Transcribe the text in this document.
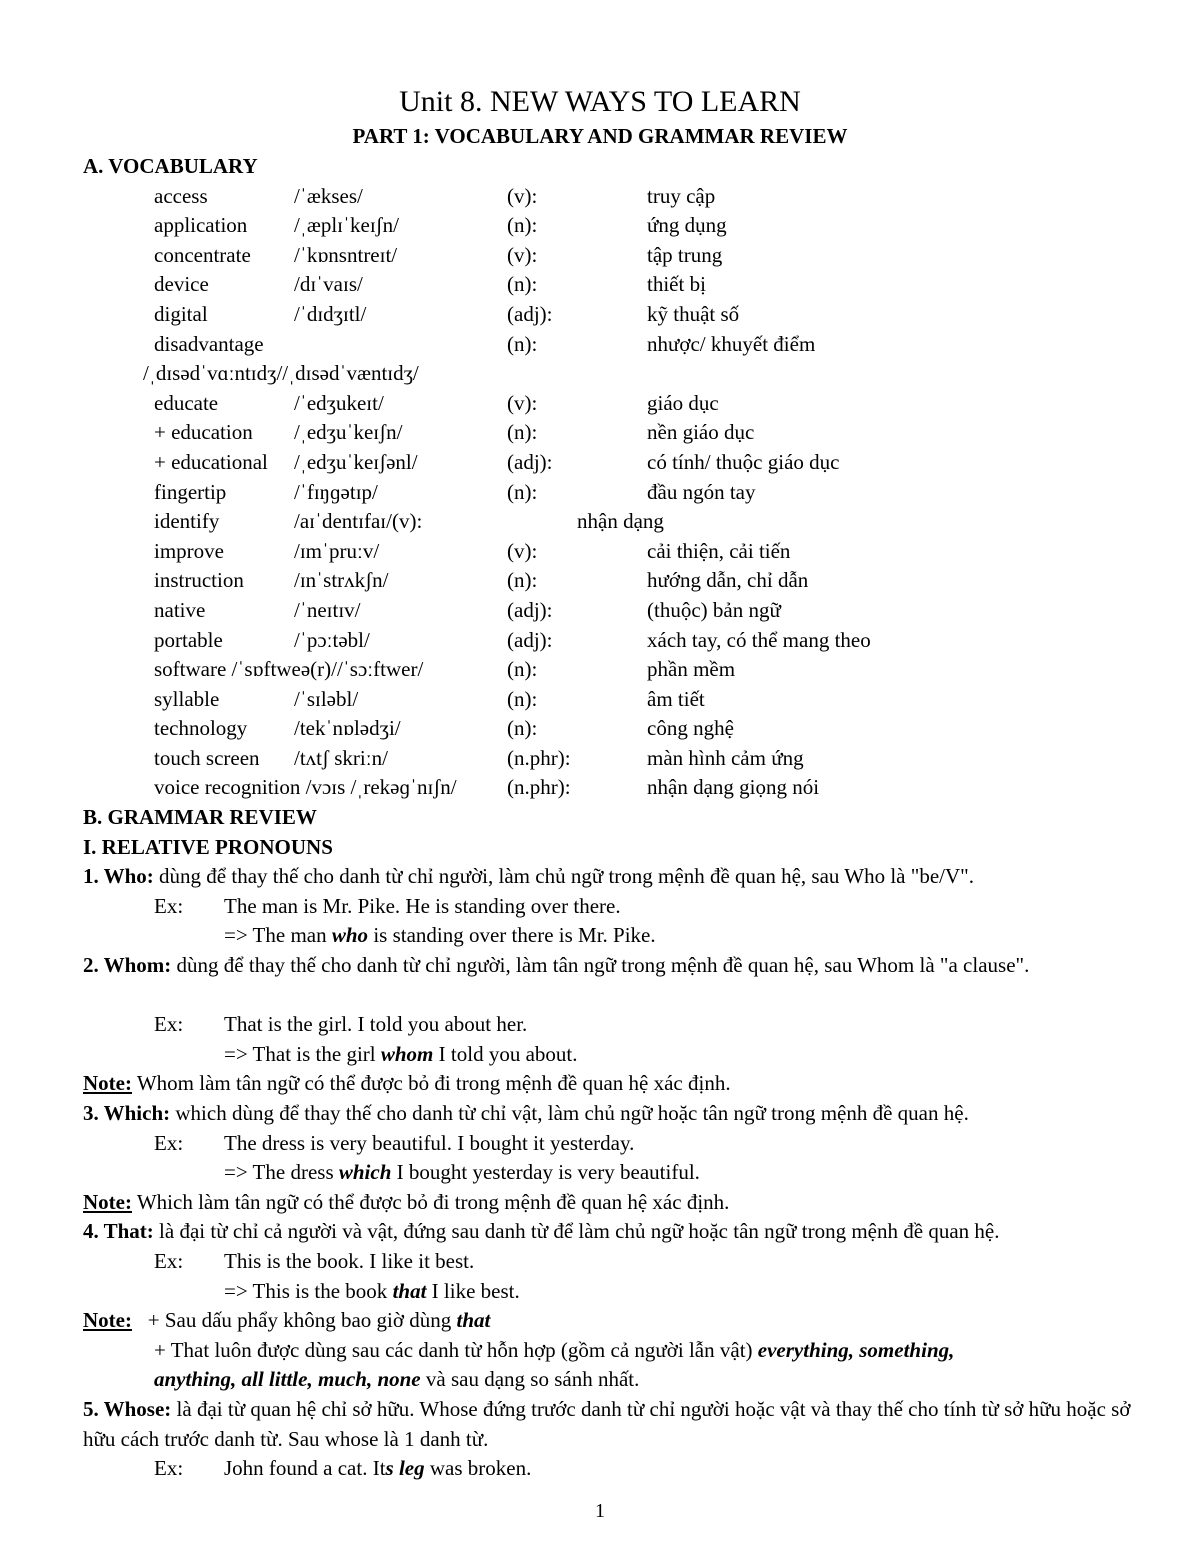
Unit 8. NEW WAYS TO LEARN
PART 1: VOCABULARY AND GRAMMAR REVIEW
A. VOCABULARY
access	/ˈækses/	(v):	truy cập
application /ˌæplɪˈkeɪʃn/	(n):	ứng dụng
concentrate /ˈkɒnsntreɪt/	(v):	tập trung
device	/dɪˈvaɪs/	(n):	thiết bị
digital	/ˈdɪdʒɪtl/	(adj):	kỹ thuật số
disadvantage	(n):	nhược/ khuyết điểm
/ˌdɪsədˈvɑːntɪdʒ//ˌdɪsədˈvæntɪdʒ/
educate	/ˈedʒukeɪt/	(v):	giáo dục
+ education /ˌedʒuˈkeɪʃn/	(n):	nền giáo dục
+ educational /ˌedʒuˈkeɪʃənl/	(adj):	có tính/ thuộc giáo dục
fingertip	/ˈfɪŋɡətɪp/	(n):	đầu ngón tay
identify	/aɪˈdentɪfaɪ/(v):	nhận dạng
improve	/ɪmˈpruːv/	(v):	cải thiện, cải tiến
instruction /ɪnˈstrʌkʃn/	(n):	hướng dẫn, chỉ dẫn
native	/ˈneɪtɪv/	(adj):	(thuộc) bản ngữ
portable	/ˈpɔːtəbl/	(adj):	xách tay, có thể mang theo
software /ˈsɒftweə(r)//ˈsɔːftwer/	(n):	phần mềm
syllable	/ˈsɪləbl/	(n):	âm tiết
technology /tekˈnɒlədʒi/	(n):	công nghệ
touch screen /tʌtʃ skriːn/	(n.phr):	màn hình cảm ứng
voice recognition /vɔɪs /ˌrekəɡˈnɪʃn/ (n.phr):	nhận dạng giọng nói
B. GRAMMAR REVIEW
I. RELATIVE PRONOUNS
1. Who: dùng để thay thế cho danh từ chỉ người, làm chủ ngữ trong mệnh đề quan hệ, sau Who là "be/V".
Ex: The man is Mr. Pike. He is standing over there.
=> The man who is standing over there is Mr. Pike.
2. Whom: dùng để thay thế cho danh từ chỉ người, làm tân ngữ trong mệnh đề quan hệ, sau Whom là "a clause".
Ex: That is the girl. I told you about her.
=> That is the girl whom I told you about.
Note: Whom làm tân ngữ có thể được bỏ đi trong mệnh đề quan hệ xác định.
3. Which: which dùng để thay thế cho danh từ chỉ vật, làm chủ ngữ hoặc tân ngữ trong mệnh đề quan hệ.
Ex: The dress is very beautiful. I bought it yesterday.
=> The dress which I bought yesterday is very beautiful.
Note: Which làm tân ngữ có thể được bỏ đi trong mệnh đề quan hệ xác định.
4. That: là đại từ chỉ cả người và vật, đứng sau danh từ để làm chủ ngữ hoặc tân ngữ trong mệnh đề quan hệ.
Ex: This is the book. I like it best.
=> This is the book that I like best.
Note:   + Sau dấu phẩy không bao giờ dùng that
+ That luôn được dùng sau các danh từ hỗn hợp (gồm cả người lẫn vật) everything, something,
anything, all little, much, none và sau dạng so sánh nhất.
5. Whose: là đại từ quan hệ chỉ sở hữu. Whose đứng trước danh từ chỉ người hoặc vật và thay thế cho tính từ sở hữu hoặc sở hữu cách trước danh từ. Sau whose là 1 danh từ.
Ex: John found a cat. Its leg was broken.
1
